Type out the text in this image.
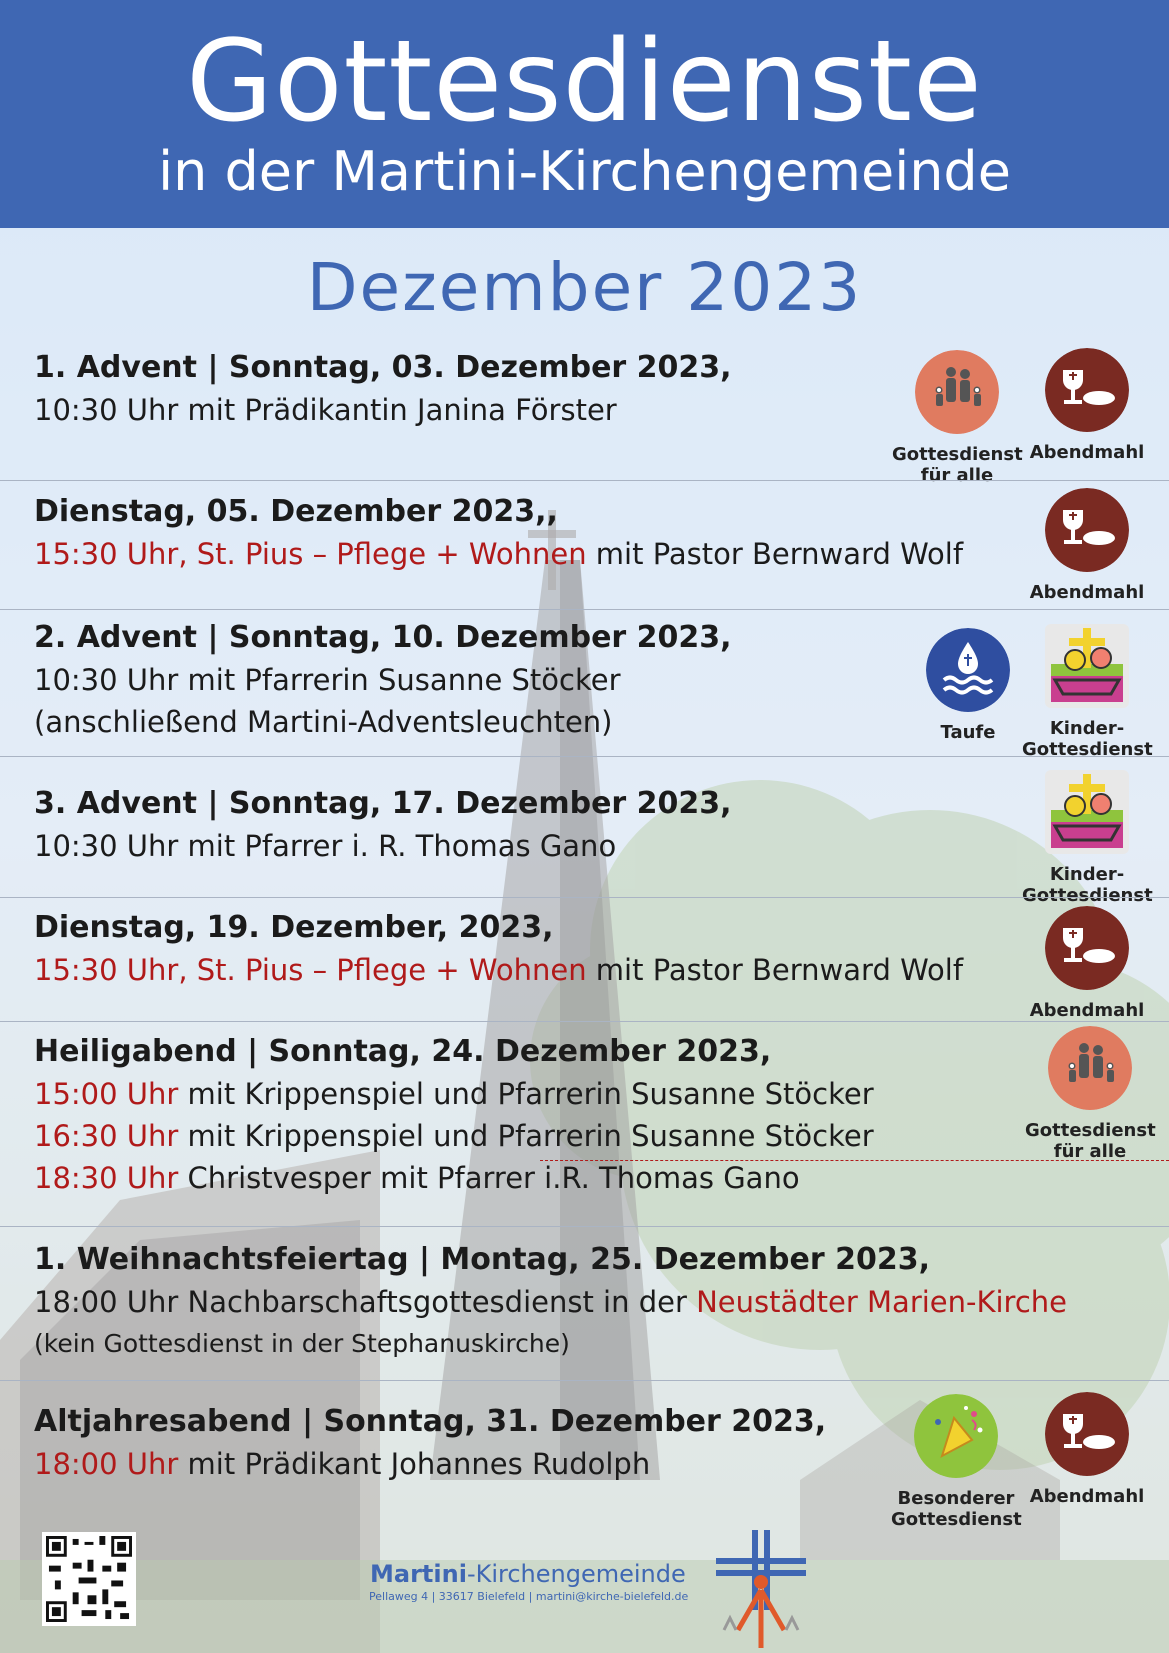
Gottesdienste
in der Martini-Kirchengemeinde
Dezember 2023
1. Advent | Sonntag, 03. Dezember 2023,
10:30 Uhr mit Prädikantin Janina Förster
Gottesdienst
für alle
Abendmahl
Dienstag, 05. Dezember 2023,,
15:30 Uhr, St. Pius – Pflege + Wohnen mit Pastor Bernward Wolf
Abendmahl
2. Advent | Sonntag, 10. Dezember 2023,
10:30 Uhr mit Pfarrerin Susanne Stöcker
(anschließend Martini-Adventsleuchten)	Taufe	Kinder-
Gottesdienst
3. Advent | Sonntag, 17. Dezember 2023,
10:30 Uhr mit Pfarrer i. R. Thomas Gano
Kinder-
Gottesdienst
Dienstag, 19. Dezember, 2023,
15:30 Uhr, St. Pius – Pflege + Wohnen mit Pastor Bernward Wolf
Abendmahl
Heiligabend | Sonntag, 24. Dezember 2023,
15:00 Uhr mit Krippenspiel und Pfarrerin Susanne Stöcker
16:30 Uhr mit Krippenspiel und Pfarrerin Susanne Stöcker
18:30 Uhr Christvesper mit Pfarrer i.R. Thomas Gano
Gottesdienst
für alle
1. Weihnachtsfeiertag | Montag, 25. Dezember 2023,
18:00 Uhr Nachbarschaftsgottesdienst in der Neustädter Marien-Kirche
(kein Gottesdienst in der Stephanuskirche)
Altjahresabend | Sonntag, 31. Dezember 2023,
18:00 Uhr mit Prädikant Johannes Rudolph
Besonderer
Gottesdienst
Abendmahl
Martini-Kirchengemeinde
Pellaweg 4 | 33617 Bielefeld | martini@kirche-bielefeld.de
